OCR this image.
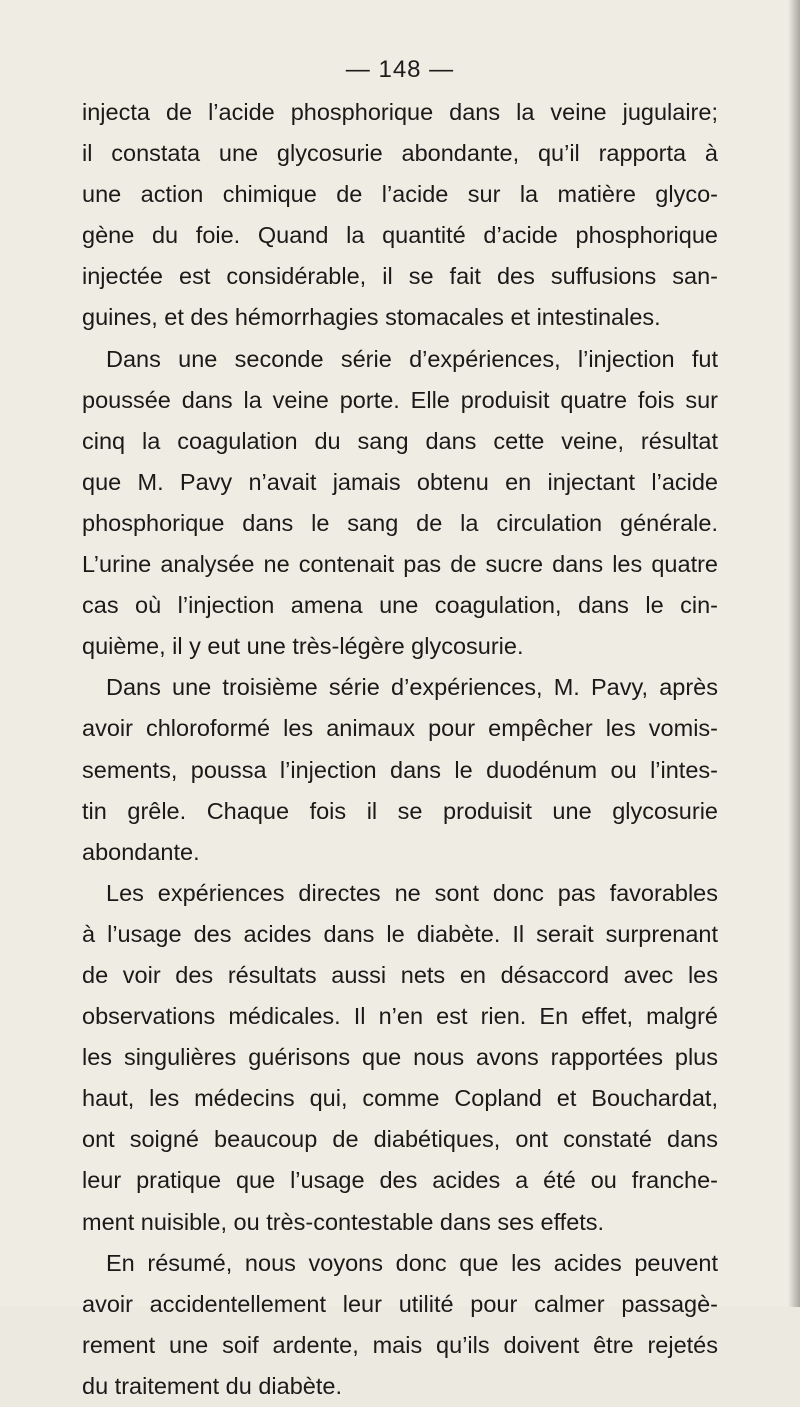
— 148 —
injecta de l’acide phosphorique dans la veine jugulaire;
il constata une glycosurie abondante, qu’il rapporta à
une action chimique de l’acide sur la matière glyco-
gène du foie. Quand la quantité d’acide phosphorique
injectée est considérable, il se fait des suffusions san-
guines, et des hémorrhagies stomacales et intestinales.
Dans une seconde série d’expériences, l’injection fut
poussée dans la veine porte. Elle produisit quatre fois sur
cinq la coagulation du sang dans cette veine, résultat
que M. Pavy n’avait jamais obtenu en injectant l’acide
phosphorique dans le sang de la circulation générale.
L’urine analysée ne contenait pas de sucre dans les quatre
cas où l’injection amena une coagulation, dans le cin-
quième, il y eut une très-légère glycosurie.
Dans une troisième série d’expériences, M. Pavy, après
avoir chloroformé les animaux pour empêcher les vomis-
sements, poussa l’injection dans le duodénum ou l’intes-
tin grêle. Chaque fois il se produisit une glycosurie
abondante.
Les expériences directes ne sont donc pas favorables
à l’usage des acides dans le diabète. Il serait surprenant
de voir des résultats aussi nets en désaccord avec les
observations médicales. Il n’en est rien. En effet, malgré
les singulières guérisons que nous avons rapportées plus
haut, les médecins qui, comme Copland et Bouchardat,
ont soigné beaucoup de diabétiques, ont constaté dans
leur pratique que l’usage des acides a été ou franche-
ment nuisible, ou très-contestable dans ses effets.
En résumé, nous voyons donc que les acides peuvent
avoir accidentellement leur utilité pour calmer passagè-
rement une soif ardente, mais qu’ils doivent être rejetés
du traitement du diabète.
